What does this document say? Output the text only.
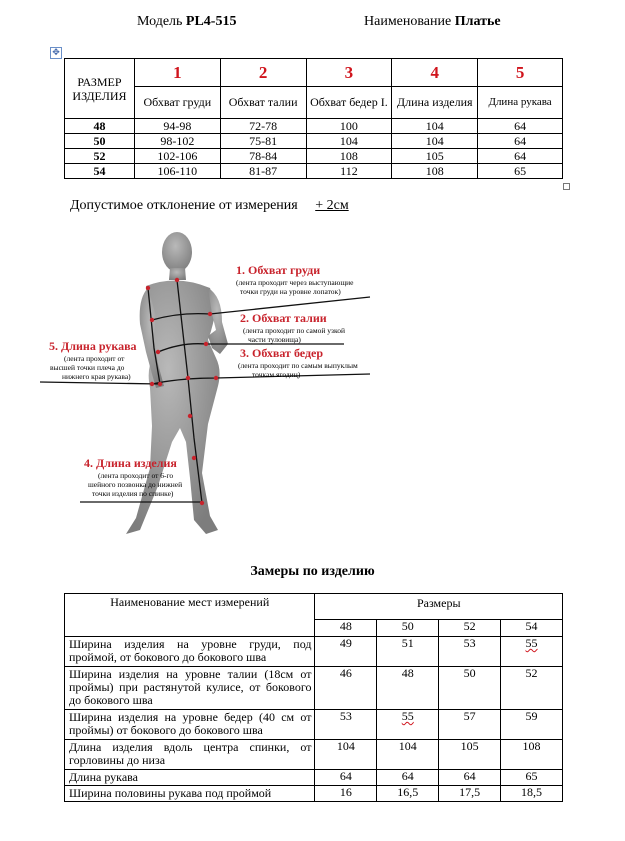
Модель PL4-515	Наименование Платье
✥
РАЗМЕР ИЗДЕЛИЯ	1	2	3	4	5
	Обхват груди	Обхват талии	Обхват бедер I.	Длина изделия	Длина рукава
48	94-98	72-78	100	104	64
50	98-102	75-81	104	104	64
52	102-106	78-84	108	105	64
54	106-110	81-87	112	108	65
Допустимое отклонение от измерения + 2см
1. Обхват груди
(лента проходит через выступающие
точки груди на уровне лопаток)
2. Обхват талии
(лента проходит по самой узкой
части туловища)
3. Обхват бедер
(лента проходит по самым выпуклым
точкам ягодиц)
5. Длина рукава
(лента проходит от
высшей точки плеча до
нижнего края рукава)
4. Длина изделия
(лента проходит от 6-го
шейного позвонка до нижней
точки изделия по спинке)
Замеры по изделию
Наименование мест измерений	Размеры			
	48	50	52	54
Ширина изделия на уровне груди, под проймой, от бокового до бокового шва	49	51	53	55
Ширина изделия на уровне талии (18см от проймы) при растянутой кулисе, от бокового до бокового шва	46	48	50	52
Ширина изделия на уровне бедер (40 см от проймы) от бокового до бокового шва	53	55	57	59
Длина изделия вдоль центра спинки, от горловины до низа	104	104	105	108
Длина рукава	64	64	64	65
Ширина половины рукава под проймой	16	16,5	17,5	18,5
